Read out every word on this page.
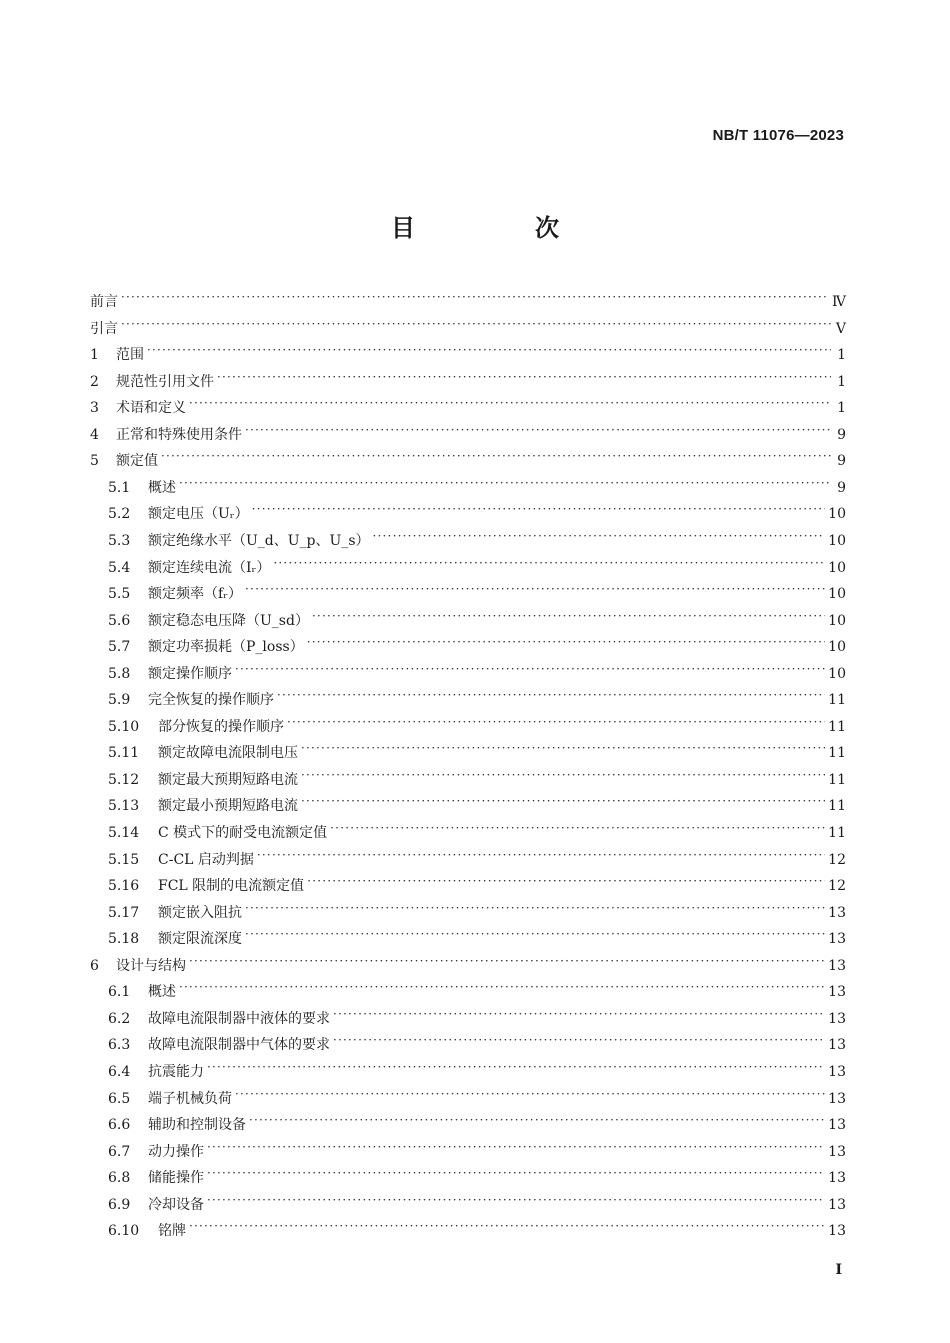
NB/T 11076—2023
目　次
前言 ·····	Ⅳ
引言 ·····	Ⅴ
1	范围 ·····	1
2	规范性引用文件 ·····	1
3	术语和定义 ·····	1
4	正常和特殊使用条件 ·····	9
5	额定值 ·····	9
5.1	概述 ·····	9
5.2	额定电压（Uᵣ） ·····	10
5.3	额定绝缘水平（U_d、U_p、U_s） ·····	10
5.4	额定连续电流（Iᵣ） ·····	10
5.5	额定频率（fᵣ） ·····	10
5.6	额定稳态电压降（U_sd） ·····	10
5.7	额定功率损耗（P_loss） ·····	10
5.8	额定操作顺序 ·····	10
5.9	完全恢复的操作顺序 ·····	11
5.10	部分恢复的操作顺序 ·····	11
5.11	额定故障电流限制电压 ·····	11
5.12	额定最大预期短路电流 ·····	11
5.13	额定最小预期短路电流 ·····	11
5.14	C 模式下的耐受电流额定值 ·····	11
5.15	C-CL 启动判据 ·····	12
5.16	FCL 限制的电流额定值 ·····	12
5.17	额定嵌入阻抗 ·····	13
5.18	额定限流深度 ·····	13
6	设计与结构 ·····	13
6.1	概述 ·····	13
6.2	故障电流限制器中液体的要求 ·····	13
6.3	故障电流限制器中气体的要求 ·····	13
6.4	抗震能力 ·····	13
6.5	端子机械负荷 ·····	13
6.6	辅助和控制设备 ·····	13
6.7	动力操作 ·····	13
6.8	储能操作 ·····	13
6.9	冷却设备 ·····	13
6.10	铭牌 ·····	13
I
